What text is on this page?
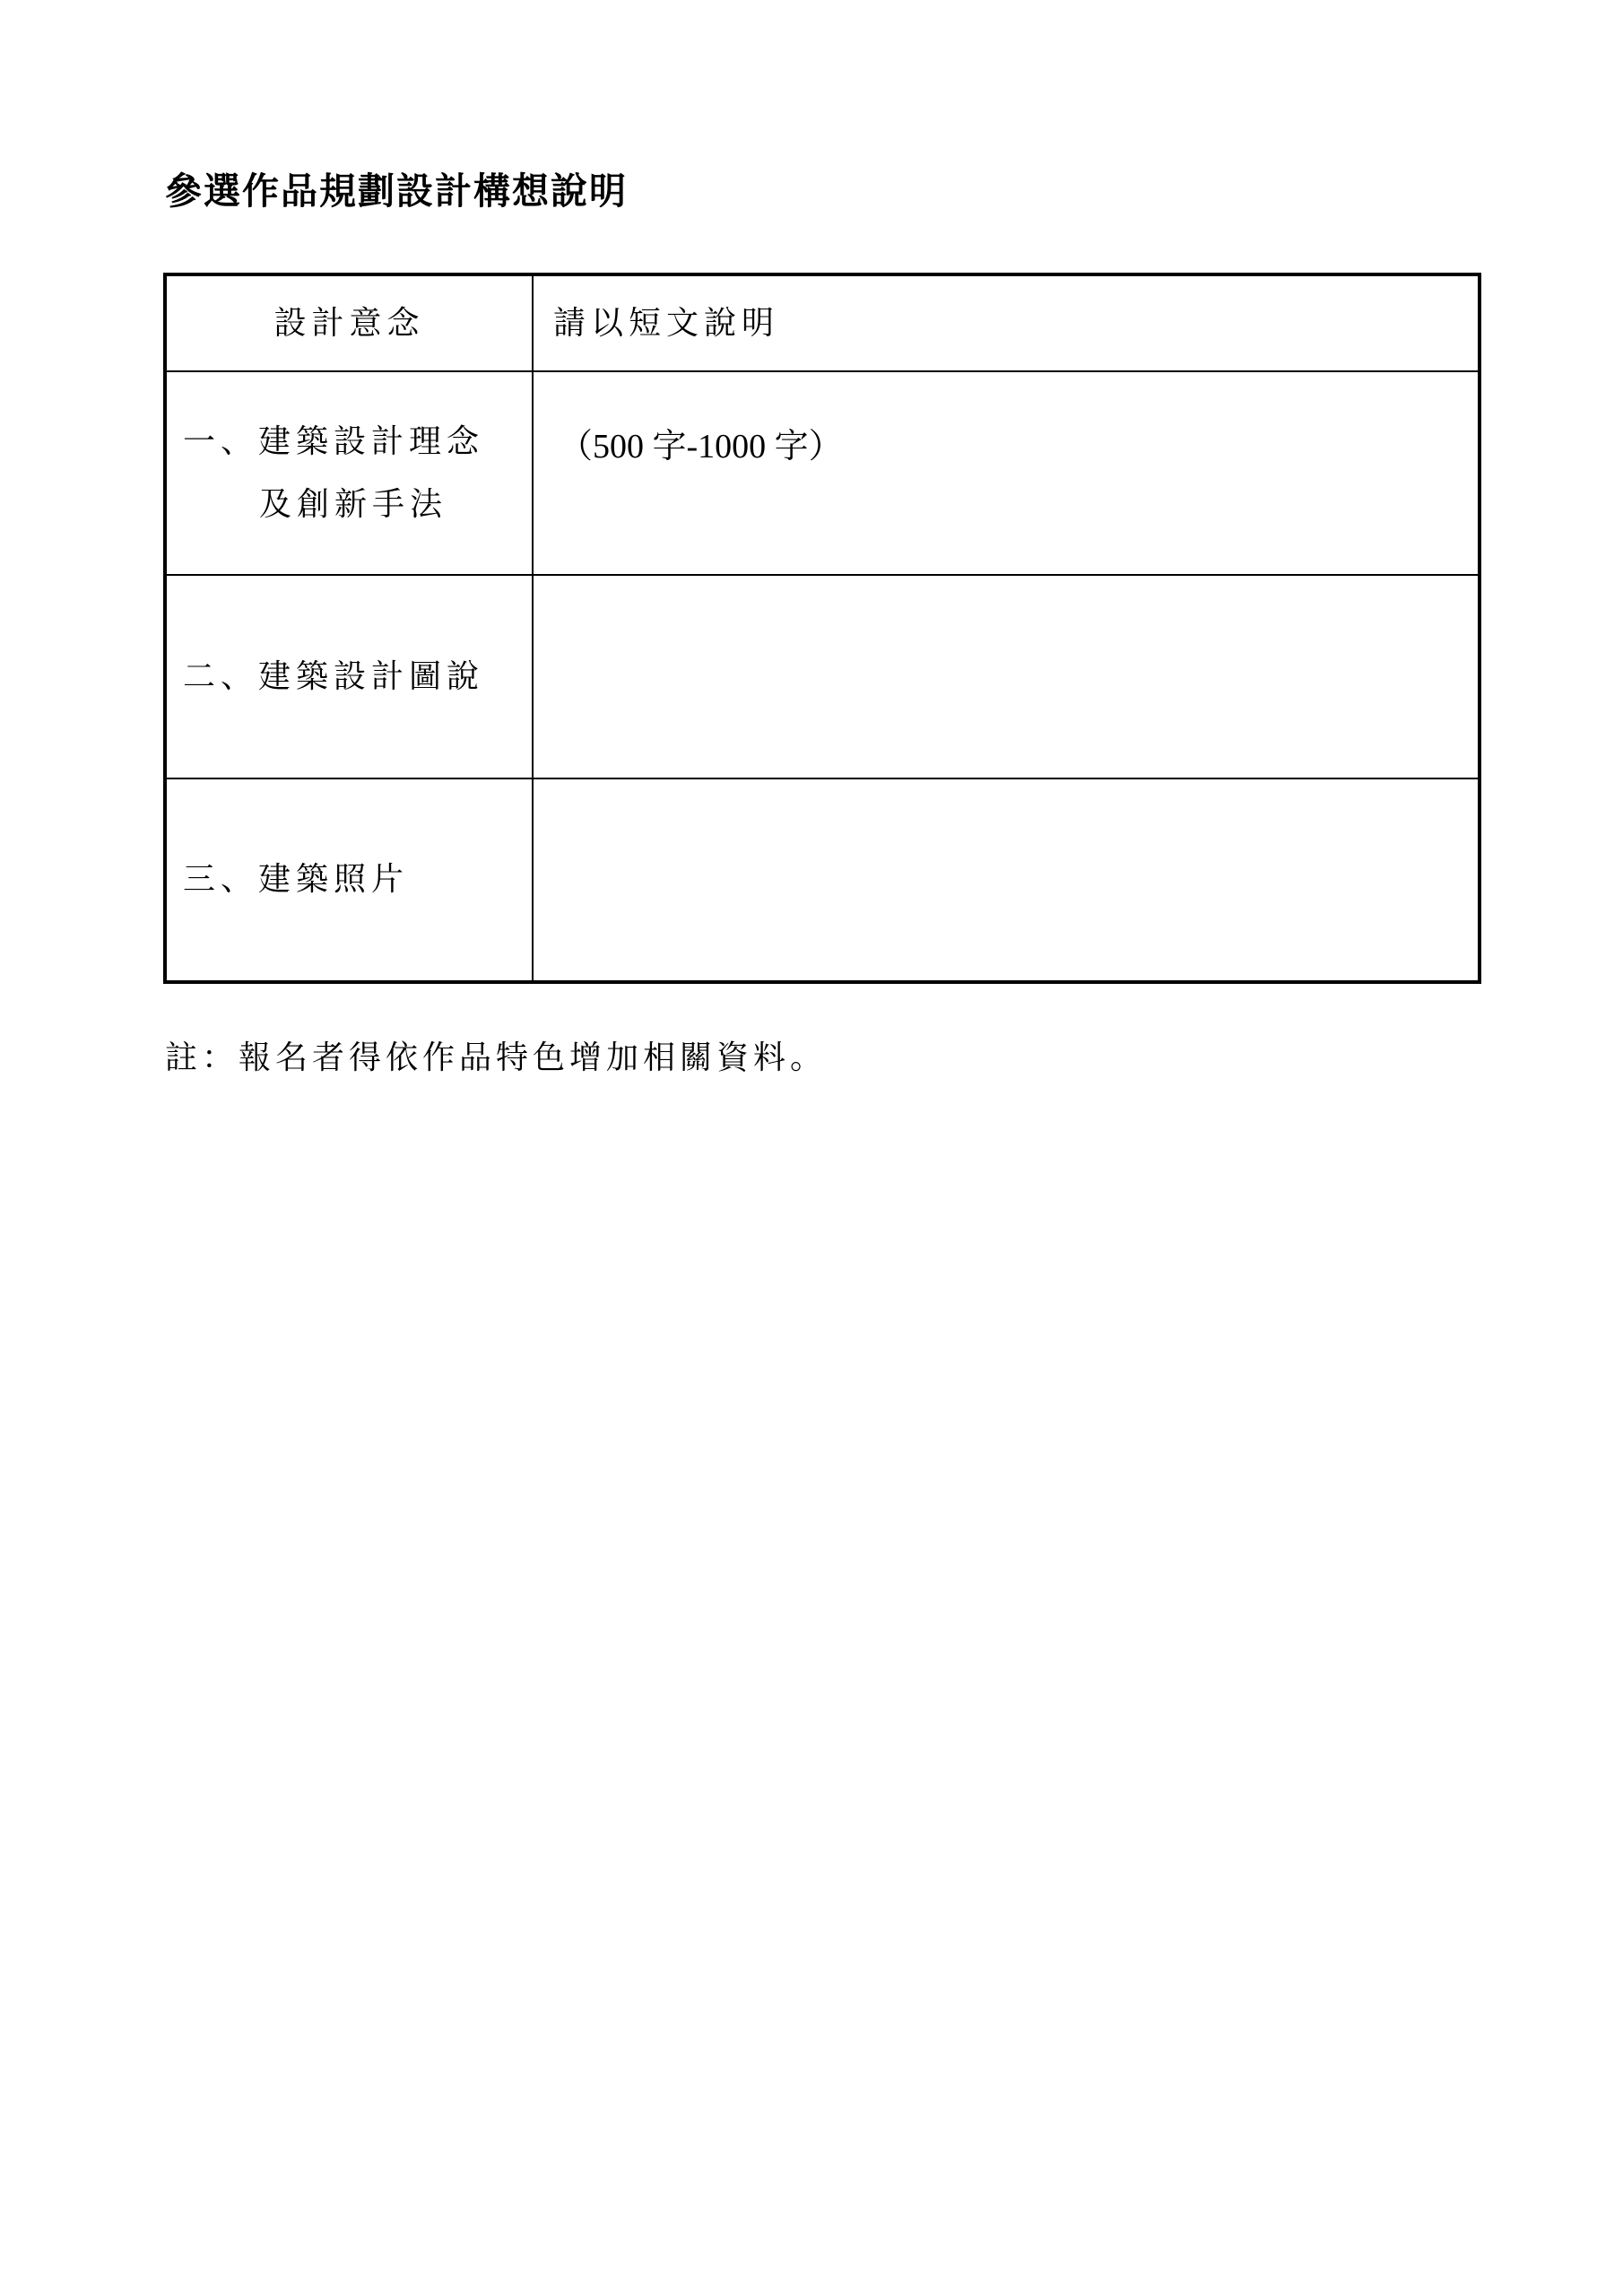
參選作品規劃設計構想說明
設計意念	請以短文說明

一、建築設計理念
及創新手法	（500 字-1000 字）

二、建築設計圖說	

三、建築照片	

註：報名者得依作品特色增加相關資料。
